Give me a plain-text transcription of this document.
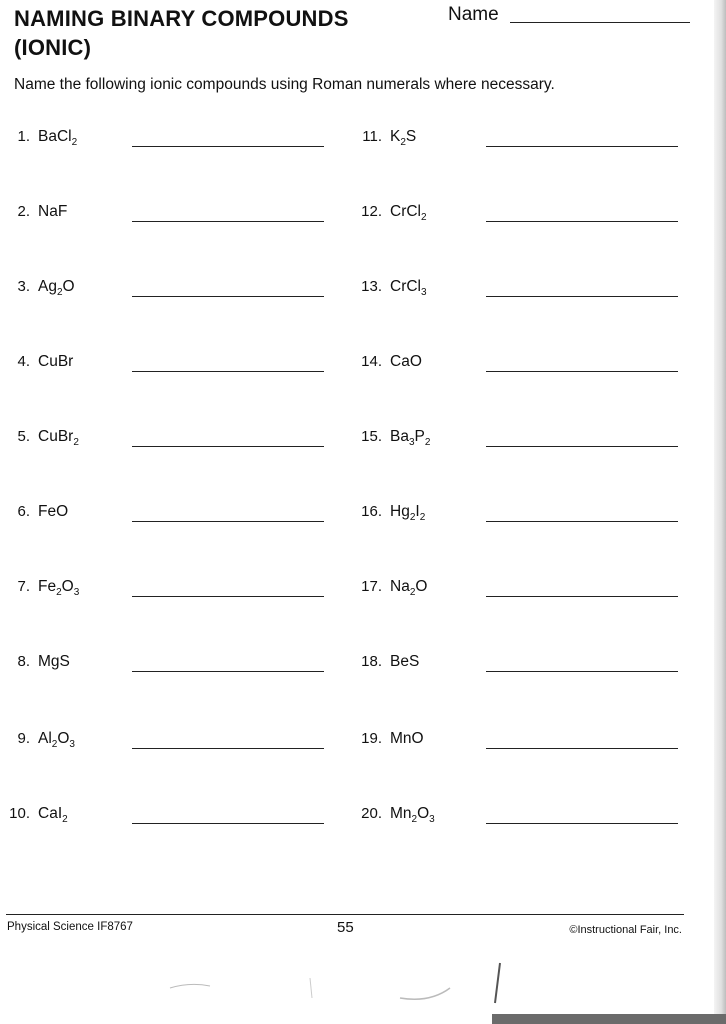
NAMING BINARY COMPOUNDS
(IONIC)
Name
Name the following ionic compounds using Roman numerals where necessary.
1. BaCl$_2$
2. NaF
3. $Ag_2O$
4. CuBr
5. CuBr$_2$
6. FeO
7. $Fe_2O_3$
8. MgS
9. $Al_2O_3$
10. CaI$_2$
11. $K_2S$
12. CrCl$_2$
13. CrCl$_3$
14. CaO
15. $Ba_3P_2$
16. $Hg_2I_2$
17. $Na_2O$
18. BeS
19. MnO
20. $Mn_2O_3$
Physical Science IF8767	55	©Instructional Fair, Inc.
